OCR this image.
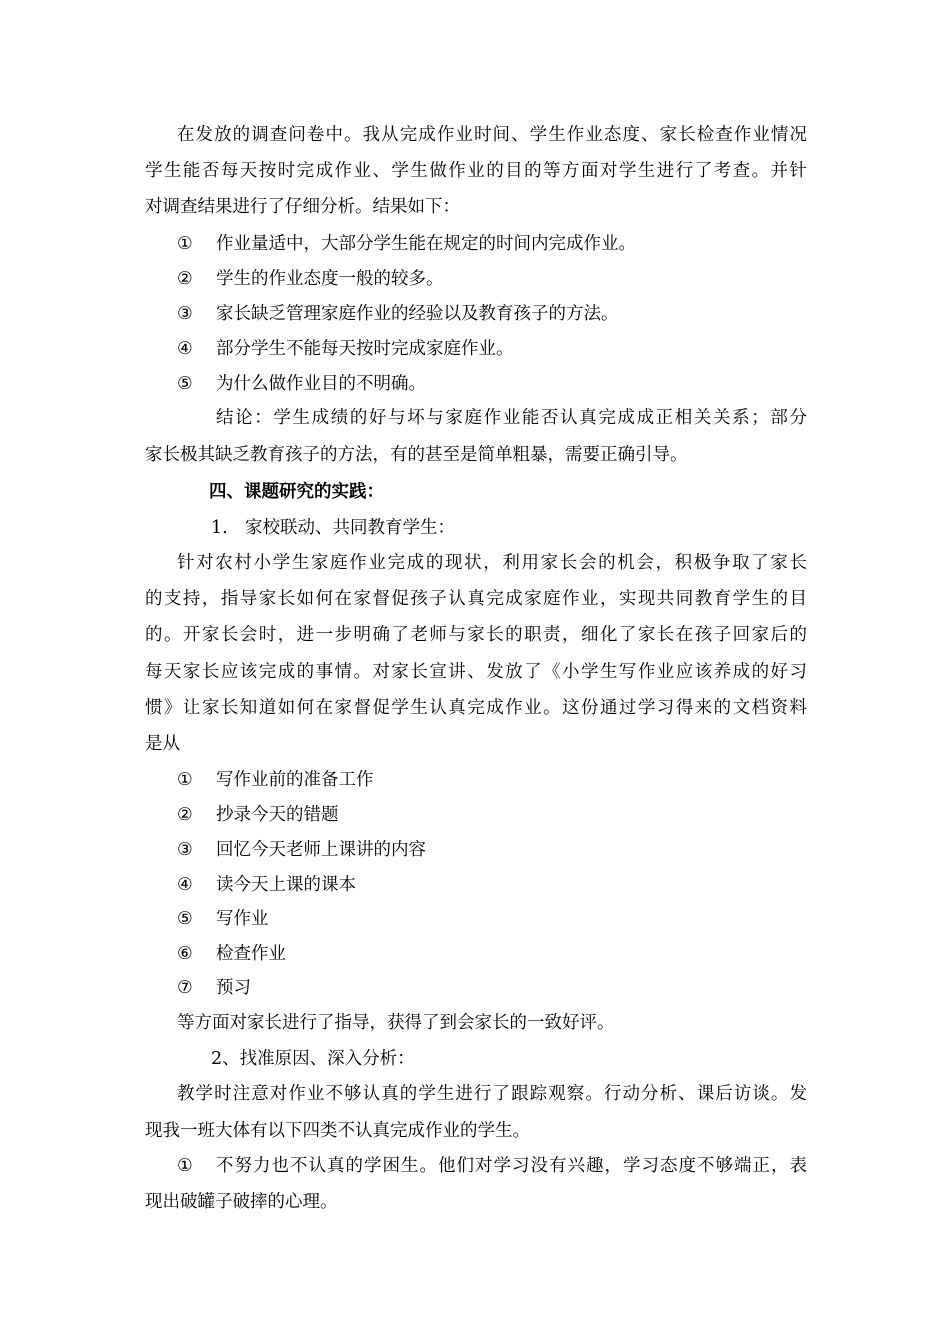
在发放的调查问卷中。我从完成作业时间、学生作业态度、家长检查作业情况
学生能否每天按时完成作业、学生做作业的目的等方面对学生进行了考查。并针
对调查结果进行了仔细分析。结果如下：
① 作业量适中，大部分学生能在规定的时间内完成作业。
② 学生的作业态度一般的较多。
③ 家长缺乏管理家庭作业的经验以及教育孩子的方法。
④ 部分学生不能每天按时完成家庭作业。
⑤ 为什么做作业目的不明确。
结论：学生成绩的好与坏与家庭作业能否认真完成成正相关关系；部分
家长极其缺乏教育孩子的方法，有的甚至是简单粗暴，需要正确引导。
四、课题研究的实践：
1. 家校联动、共同教育学生：
针对农村小学生家庭作业完成的现状，利用家长会的机会，积极争取了家长
的支持，指导家长如何在家督促孩子认真完成家庭作业，实现共同教育学生的目
的。开家长会时，进一步明确了老师与家长的职责，细化了家长在孩子回家后的
每天家长应该完成的事情。对家长宣讲、发放了《小学生写作业应该养成的好习
惯》让家长知道如何在家督促学生认真完成作业。这份通过学习得来的文档资料
是从
① 写作业前的准备工作
② 抄录今天的错题
③ 回忆今天老师上课讲的内容
④ 读今天上课的课本
⑤ 写作业
⑥ 检查作业
⑦ 预习
等方面对家长进行了指导，获得了到会家长的一致好评。
2、找准原因、深入分析：
教学时注意对作业不够认真的学生进行了跟踪观察。行动分析、课后访谈。发
现我一班大体有以下四类不认真完成作业的学生。
① 不努力也不认真的学困生。他们对学习没有兴趣，学习态度不够端正，表
现出破罐子破摔的心理。
